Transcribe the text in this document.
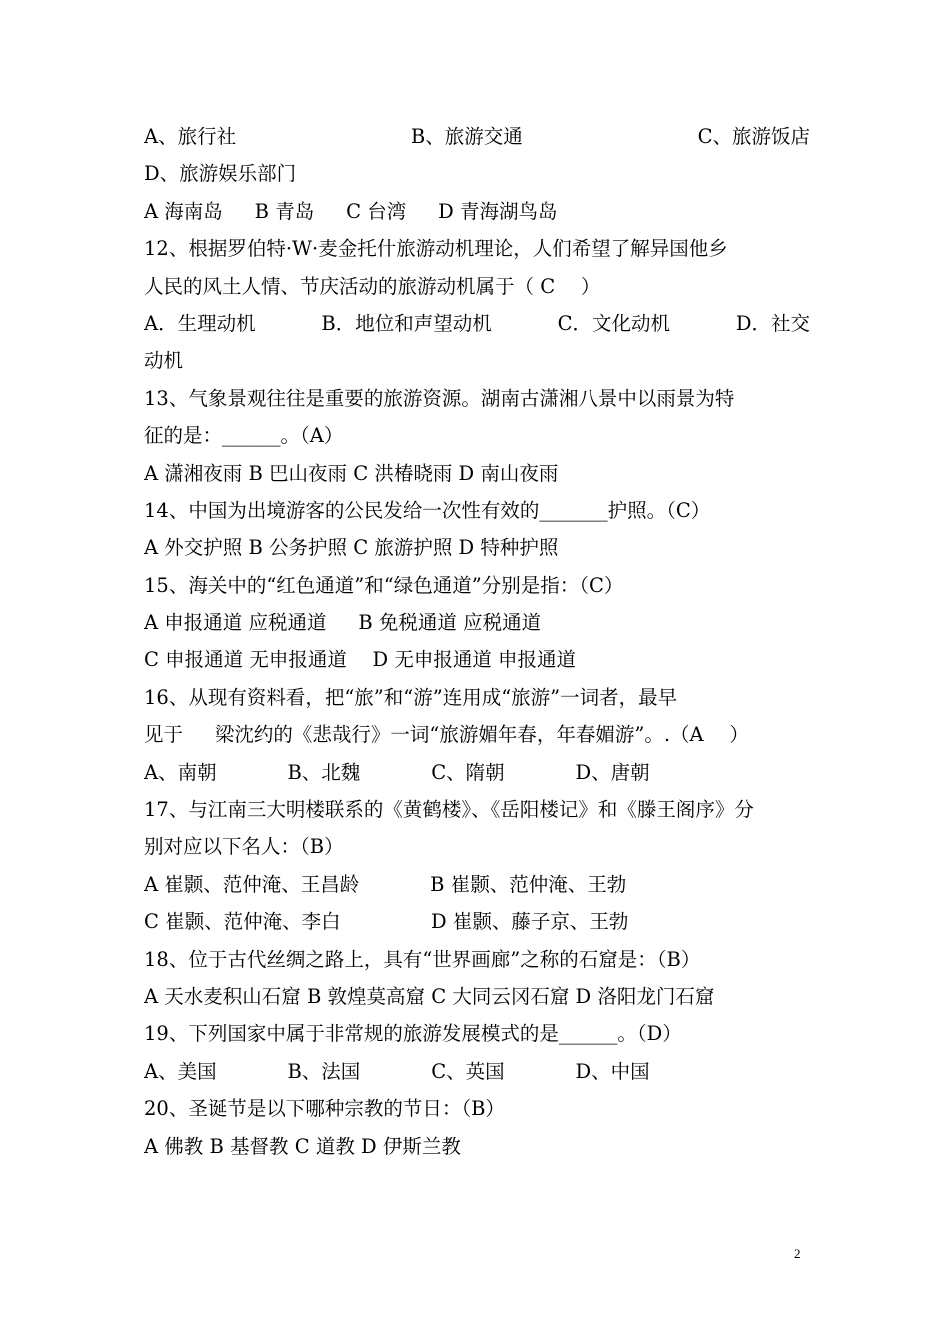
A、旅行社	B、旅游交通	C、旅游饭店
D、旅游娱乐部门
A 海南岛 　 B 青岛 　 C 台湾 　 D 青海湖鸟岛
12、根据罗伯特·W·麦金托什旅游动机理论，人们希望了解异国他乡
人民的风土人情、节庆活动的旅游动机属于（ C 　）
A．生理动机	B．地位和声望动机	C．文化动机	D．社交
动机
13、气象景观往往是重要的旅游资源。湖南古潇湘八景中以雨景为特
征的是：______。（A）
A 潇湘夜雨 B 巴山夜雨 C 洪椿晓雨 D 南山夜雨
14、中国为出境游客的公民发给一次性有效的_______护照。（C）
A 外交护照 B 公务护照 C 旅游护照 D 特种护照
15、海关中的“红色通道”和“绿色通道”分别是指：（C）
A 申报通道 应税通道 　 B 免税通道 应税通道
C 申报通道 无申报通道 　D 无申报通道 申报通道
16、从现有资料看，把“旅”和“游”连用成“旅游”一词者，最早
见于 　 梁沈约的《悲哉行》一词“旅游媚年春，年春媚游”。.（A 　）
A、南朝 　　　 B、北魏 　　　 C、隋朝 　　　 D、唐朝
17、与江南三大明楼联系的《黄鹤楼》、《岳阳楼记》和《滕王阁序》分
别对应以下名人：（B）
A 崔颢、范仲淹、王昌龄 　　　 B 崔颢、范仲淹、王勃
C 崔颢、范仲淹、李白 　　　　 D 崔颢、藤子京、王勃
18、位于古代丝绸之路上，具有“世界画廊”之称的石窟是：（B）
A 天水麦积山石窟 B 敦煌莫高窟 C 大同云冈石窟 D 洛阳龙门石窟
19、下列国家中属于非常规的旅游发展模式的是______。（D）
A、美国 　　　 B、法国 　　　 C、英国 　　　 D、中国
20、圣诞节是以下哪种宗教的节日：（B）
A 佛教 B 基督教 C 道教 D 伊斯兰教
2
